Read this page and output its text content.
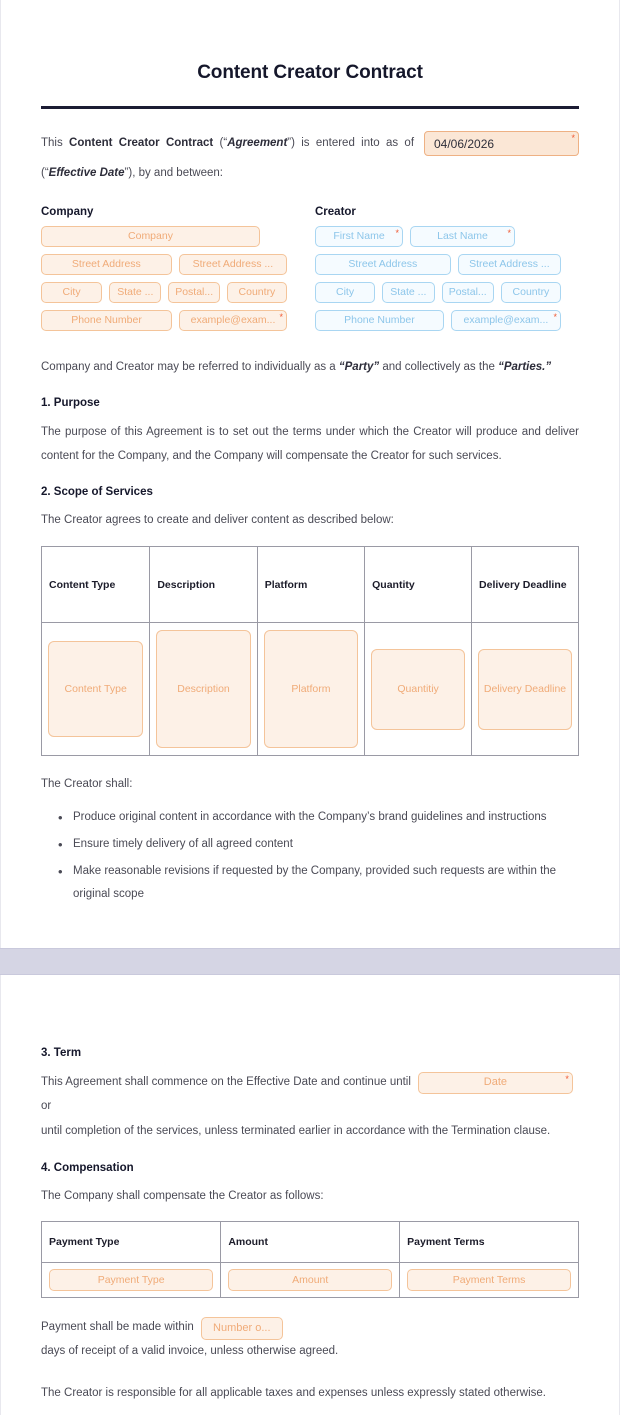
Content Creator Contract
This Content Creator Contract (“Agreement”) is entered into as of	04/06/2026	*
(“Effective Date”), by and between:
Company
Company
Street Address	Street Address ...
City	State ... Postal... Country
Phone Number	example@exam... *
Creator
First Name *	Last Name *
Street Address	Street Address ...
City	State ... Postal... Country
Phone Number	example@exam... *
Company and Creator may be referred to individually as a “Party” and collectively as the “Parties.”
1. Purpose
The purpose of this Agreement is to set out the terms under which the Creator will produce and deliver content for the Company, and the Company will compensate the Creator for such services.
2. Scope of Services
The Creator agrees to create and deliver content as described below:
Content Type	Description	Platform	Quantity	Delivery Deadline

Content Type	Description	Platform	Quantitiy	Delivery Deadline
The Creator shall:
• Produce original content in accordance with the Company’s brand guidelines and instructions
• Ensure timely delivery of all agreed content
• Make reasonable revisions if requested by the Company, provided such requests are within the original scope
3. Term
This Agreement shall commence on the Effective Date and continue until	Date	*
or
until completion of the services, unless terminated earlier in accordance with the Termination clause.
4. Compensation
The Company shall compensate the Creator as follows:
Payment Type	Amount	Payment Terms

Payment Type	Amount	Payment Terms
Payment shall be made within Number o...
days of receipt of a valid invoice, unless otherwise agreed.
The Creator is responsible for all applicable taxes and expenses unless expressly stated otherwise.
